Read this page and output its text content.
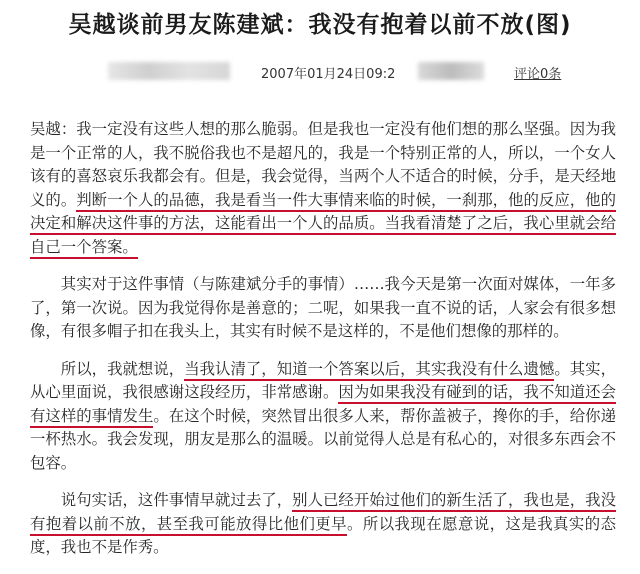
吴越谈前男友陈建斌：我没有抱着以前不放(图)
2007年01月24日09:2	评论0条

吴越：我一定没有这些人想的那么脆弱。但是我也一定没有他们想的那么坚强。因为我是一个正常的人，我不脱俗我也不是超凡的，我是一个特别正常的人，所以，一个女人该有的喜怒哀乐我都会有。但是，我会觉得，当两个人不适合的时候，分手，是天经地义的。判断一个人的品德，我是看当一件大事情来临的时候，一刹那，他的反应，他的决定和解决这件事的方法，这能看出一个人的品质。当我看清楚了之后，我心里就会给自己一个答案。

其实对于这件事情（与陈建斌分手的事情）……我今天是第一次面对媒体，一年多了，第一次说。因为我觉得你是善意的；二呢，如果我一直不说的话，人家会有很多想像，有很多帽子扣在我头上，其实有时候不是这样的，不是他们想像的那样的。

所以，我就想说，当我认清了，知道一个答案以后，其实我没有什么遗憾。其实，从心里面说，我很感谢这段经历，非常感谢。因为如果我没有碰到的话，我不知道还会有这样的事情发生。在这个时候，突然冒出很多人来，帮你盖被子，搀你的手，给你递一杯热水。我会发现，朋友是那么的温暖。以前觉得人总是有私心的，对很多东西会不包容。

说句实话，这件事情早就过去了，别人已经开始过他们的新生活了，我也是，我没有抱着以前不放，甚至我可能放得比他们更早。所以我现在愿意说，这是我真实的态度，我也不是作秀。
